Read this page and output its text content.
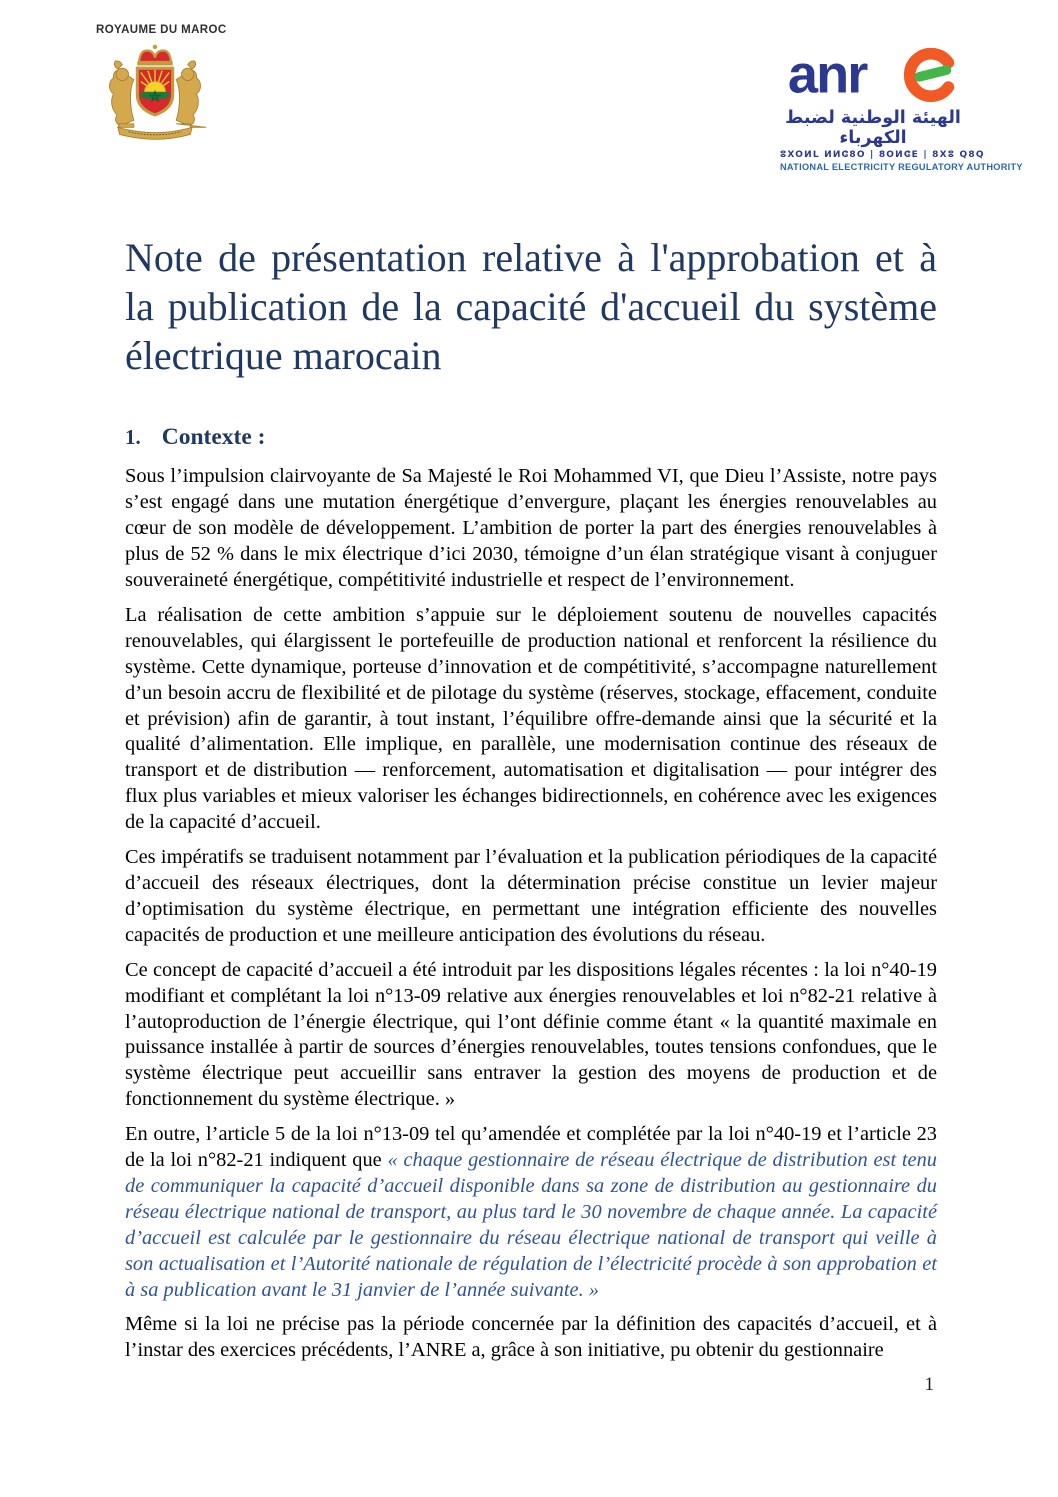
ROYAUME DU MAROC
anr
الهيئة الوطنية لضبط الكهرباء
ⵓXOⵍL ⵍⵍⵛ8O | 8OⵍⵛE | 8Ⅹⵓ Q8Q
NATIONAL ELECTRICITY REGULATORY AUTHORITY
Note de présentation relative à l'approbation et à la publication de la capacité d'accueil du système électrique marocain
1. Contexte :

Sous l’impulsion clairvoyante de Sa Majesté le Roi Mohammed VI, que Dieu l’Assiste, notre pays s’est engagé dans une mutation énergétique d’envergure, plaçant les énergies renouvelables au cœur de son modèle de développement. L’ambition de porter la part des énergies renouvelables à plus de 52 % dans le mix électrique d’ici 2030, témoigne d’un élan stratégique visant à conjuguer souveraineté énergétique, compétitivité industrielle et respect de l’environnement.

La réalisation de cette ambition s’appuie sur le déploiement soutenu de nouvelles capacités renouvelables, qui élargissent le portefeuille de production national et renforcent la résilience du système. Cette dynamique, porteuse d’innovation et de compétitivité, s’accompagne naturellement d’un besoin accru de flexibilité et de pilotage du système (réserves, stockage, effacement, conduite et prévision) afin de garantir, à tout instant, l’équilibre offre-demande ainsi que la sécurité et la qualité d’alimentation. Elle implique, en parallèle, une modernisation continue des réseaux de transport et de distribution — renforcement, automatisation et digitalisation — pour intégrer des flux plus variables et mieux valoriser les échanges bidirectionnels, en cohérence avec les exigences de la capacité d’accueil.

Ces impératifs se traduisent notamment par l’évaluation et la publication périodiques de la capacité d’accueil des réseaux électriques, dont la détermination précise constitue un levier majeur d’optimisation du système électrique, en permettant une intégration efficiente des nouvelles capacités de production et une meilleure anticipation des évolutions du réseau.

Ce concept de capacité d’accueil a été introduit par les dispositions légales récentes : la loi n°40-19 modifiant et complétant la loi n°13-09 relative aux énergies renouvelables et loi n°82-21 relative à l’autoproduction de l’énergie électrique, qui l’ont définie comme étant « la quantité maximale en puissance installée à partir de sources d’énergies renouvelables, toutes tensions confondues, que le système électrique peut accueillir sans entraver la gestion des moyens de production et de fonctionnement du système électrique. »

En outre, l’article 5 de la loi n°13-09 tel qu’amendée et complétée par la loi n°40-19 et l’article 23 de la loi n°82-21 indiquent que « chaque gestionnaire de réseau électrique de distribution est tenu de communiquer la capacité d’accueil disponible dans sa zone de distribution au gestionnaire du réseau électrique national de transport, au plus tard le 30 novembre de chaque année. La capacité d’accueil est calculée par le gestionnaire du réseau électrique national de transport qui veille à son actualisation et l’Autorité nationale de régulation de l’électricité procède à son approbation et à sa publication avant le 31 janvier de l’année suivante. »

Même si la loi ne précise pas la période concernée par la définition des capacités d’accueil, et à l’instar des exercices précédents, l’ANRE a, grâce à son initiative, pu obtenir du gestionnaire

1
